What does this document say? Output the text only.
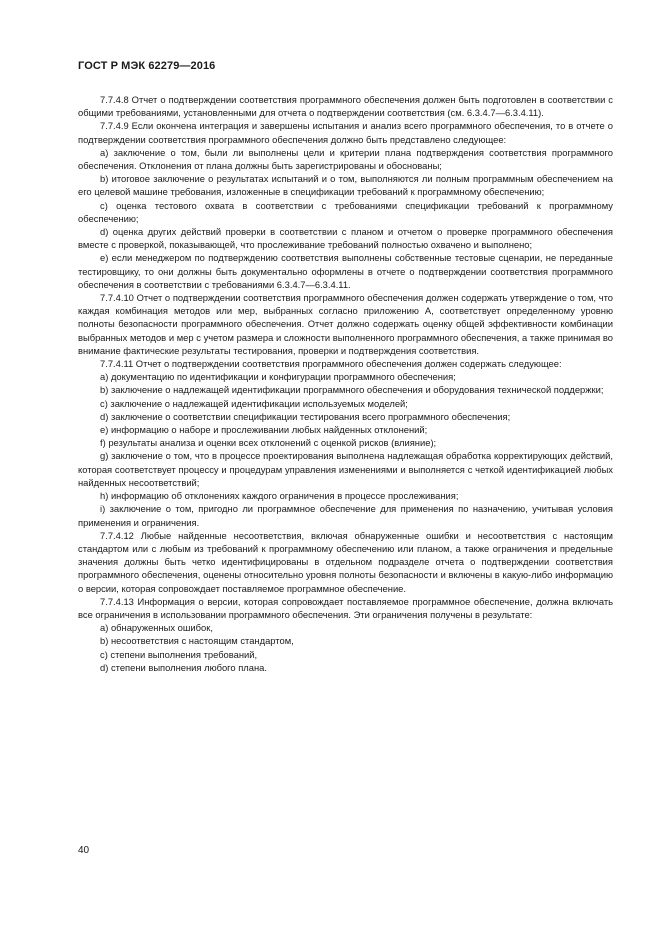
ГОСТ Р МЭК 62279—2016

7.7.4.8 Отчет о подтверждении соответствия программного обеспечения должен быть подготовлен в соответствии с общими требованиями, установленными для отчета о подтверждении соответствия (см. 6.3.4.7—6.3.4.11).

7.7.4.9 Если окончена интеграция и завершены испытания и анализ всего программного обеспечения, то в отчете о подтверждении соответствия программного обеспечения должно быть представлено следующее:

a) заключение о том, были ли выполнены цели и критерии плана подтверждения соответствия программного обеспечения. Отклонения от плана должны быть зарегистрированы и обоснованы;

b) итоговое заключение о результатах испытаний и о том, выполняются ли полным программным обеспечением на его целевой машине требования, изложенные в спецификации требований к программному обеспечению;

c) оценка тестового охвата в соответствии с требованиями спецификации требований к программному обеспечению;

d) оценка других действий проверки в соответствии с планом и отчетом о проверке программного обеспечения вместе с проверкой, показывающей, что прослеживание требований полностью охвачено и выполнено;

e) если менеджером по подтверждению соответствия выполнены собственные тестовые сценарии, не переданные тестировщику, то они должны быть документально оформлены в отчете о подтверждении соответствия программного обеспечения в соответствии с требованиями 6.3.4.7—6.3.4.11.

7.7.4.10 Отчет о подтверждении соответствия программного обеспечения должен содержать утверждение о том, что каждая комбинация методов или мер, выбранных согласно приложению А, соответствует определенному уровню полноты безопасности программного обеспечения. Отчет должно содержать оценку общей эффективности комбинации выбранных методов и мер с учетом размера и сложности выполненного программного обеспечения, а также принимая во внимание фактические результаты тестирования, проверки и подтверждения соответствия.

7.7.4.11 Отчет о подтверждении соответствия программного обеспечения должен содержать следующее:

a) документацию по идентификации и конфигурации программного обеспечения;

b) заключение о надлежащей идентификации программного обеспечения и оборудования технической поддержки;

c) заключение о надлежащей идентификации используемых моделей;

d) заключение о соответствии спецификации тестирования всего программного обеспечения;

e) информацию о наборе и прослеживании любых найденных отклонений;

f) результаты анализа и оценки всех отклонений с оценкой рисков (влияние);

g) заключение о том, что в процессе проектирования выполнена надлежащая обработка корректирующих действий, которая соответствует процессу и процедурам управления изменениями и выполняется с четкой идентификацией любых найденных несоответствий;

h) информацию об отклонениях каждого ограничения в процессе прослеживания;

i) заключение о том, пригодно ли программное обеспечение для применения по назначению, учитывая условия применения и ограничения.

7.7.4.12 Любые найденные несоответствия, включая обнаруженные ошибки и несоответствия с настоящим стандартом или с любым из требований к программному обеспечению или планом, а также ограничения и предельные значения должны быть четко идентифицированы в отдельном подразделе отчета о подтверждении соответствия программного обеспечения, оценены относительно уровня полноты безопасности и включены в какую-либо информацию о версии, которая сопровождает поставляемое программное обеспечение.

7.7.4.13 Информация о версии, которая сопровождает поставляемое программное обеспечение, должна включать все ограничения в использовании программного обеспечения. Эти ограничения получены в результате:

a) обнаруженных ошибок,

b) несоответствия с настоящим стандартом,

c) степени выполнения требований,

d) степени выполнения любого плана.

40
